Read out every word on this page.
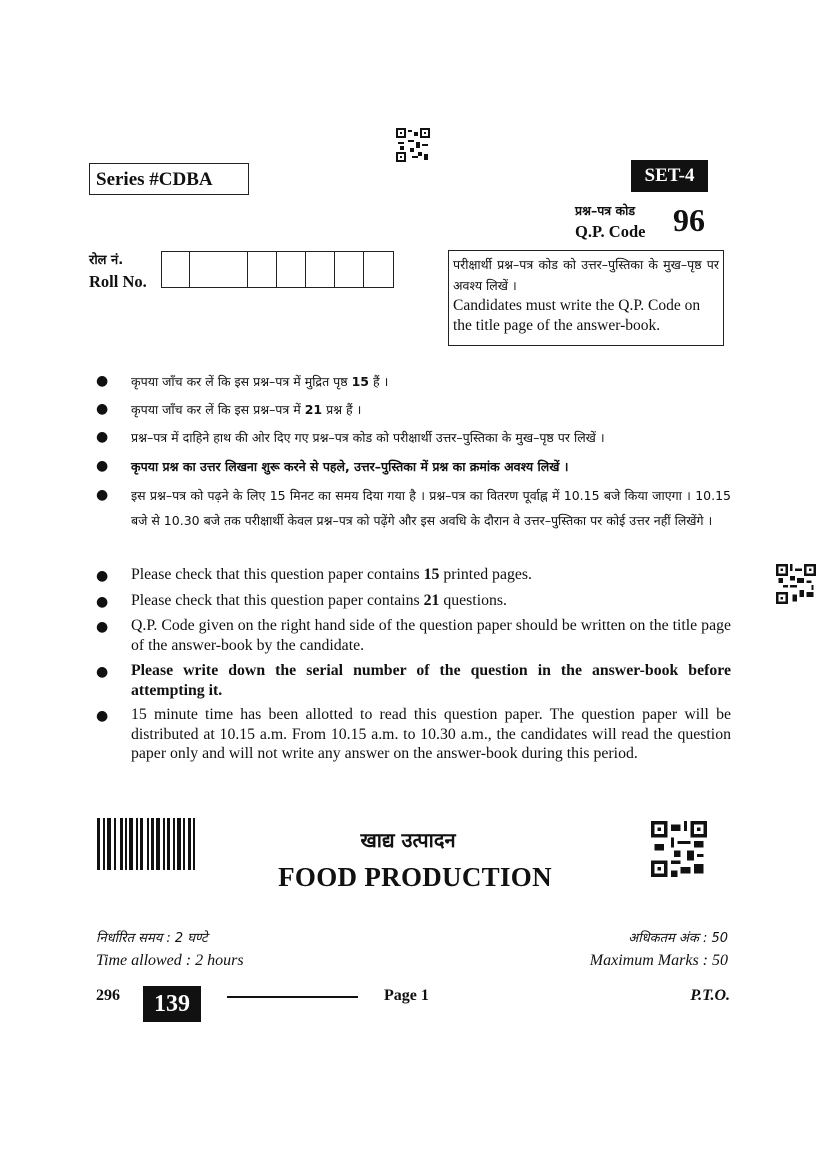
Series #CDBA	SET-4
प्रश्न–पत्र कोड
Q.P. Code 96
रोल नं.
Roll No.
परीक्षार्थी प्रश्न–पत्र कोड को उत्तर–पुस्तिका के मुख–पृष्ठ पर अवश्य लिखें ।
Candidates must write the Q.P. Code on the title page of the answer-book.
● कृपया जाँच कर लें कि इस प्रश्न–पत्र में मुद्रित पृष्ठ 15 हैं ।
● कृपया जाँच कर लें कि इस प्रश्न–पत्र में 21 प्रश्न हैं ।
● प्रश्न–पत्र में दाहिने हाथ की ओर दिए गए प्रश्न–पत्र कोड को परीक्षार्थी उत्तर–पुस्तिका के मुख–पृष्ठ पर लिखें ।
● कृपया प्रश्न का उत्तर लिखना शुरू करने से पहले, उत्तर–पुस्तिका में प्रश्न का क्रमांक अवश्य लिखें ।
● इस प्रश्न–पत्र को पढ़ने के लिए 15 मिनट का समय दिया गया है । प्रश्न–पत्र का वितरण पूर्वाह्न में 10.15 बजे किया जाएगा । 10.15 बजे से 10.30 बजे तक परीक्षार्थी केवल प्रश्न–पत्र को पढ़ेंगे और इस अवधि के दौरान वे उत्तर–पुस्तिका पर कोई उत्तर नहीं लिखेंगे ।
● Please check that this question paper contains 15 printed pages.
● Please check that this question paper contains 21 questions.
● Q.P. Code given on the right hand side of the question paper should be written on the title page of the answer-book by the candidate.
● Please write down the serial number of the question in the answer-book before attempting it.
● 15 minute time has been allotted to read this question paper. The question paper will be distributed at 10.15 a.m. From 10.15 a.m. to 10.30 a.m., the candidates will read the question paper only and will not write any answer on the answer-book during this period.
खाद्य उत्पादन
FOOD PRODUCTION
निर्धारित समय : 2 घण्टे
Time allowed : 2 hours
अधिकतम अंक : 50
Maximum Marks : 50
296	139	Page 1	P.T.O.
